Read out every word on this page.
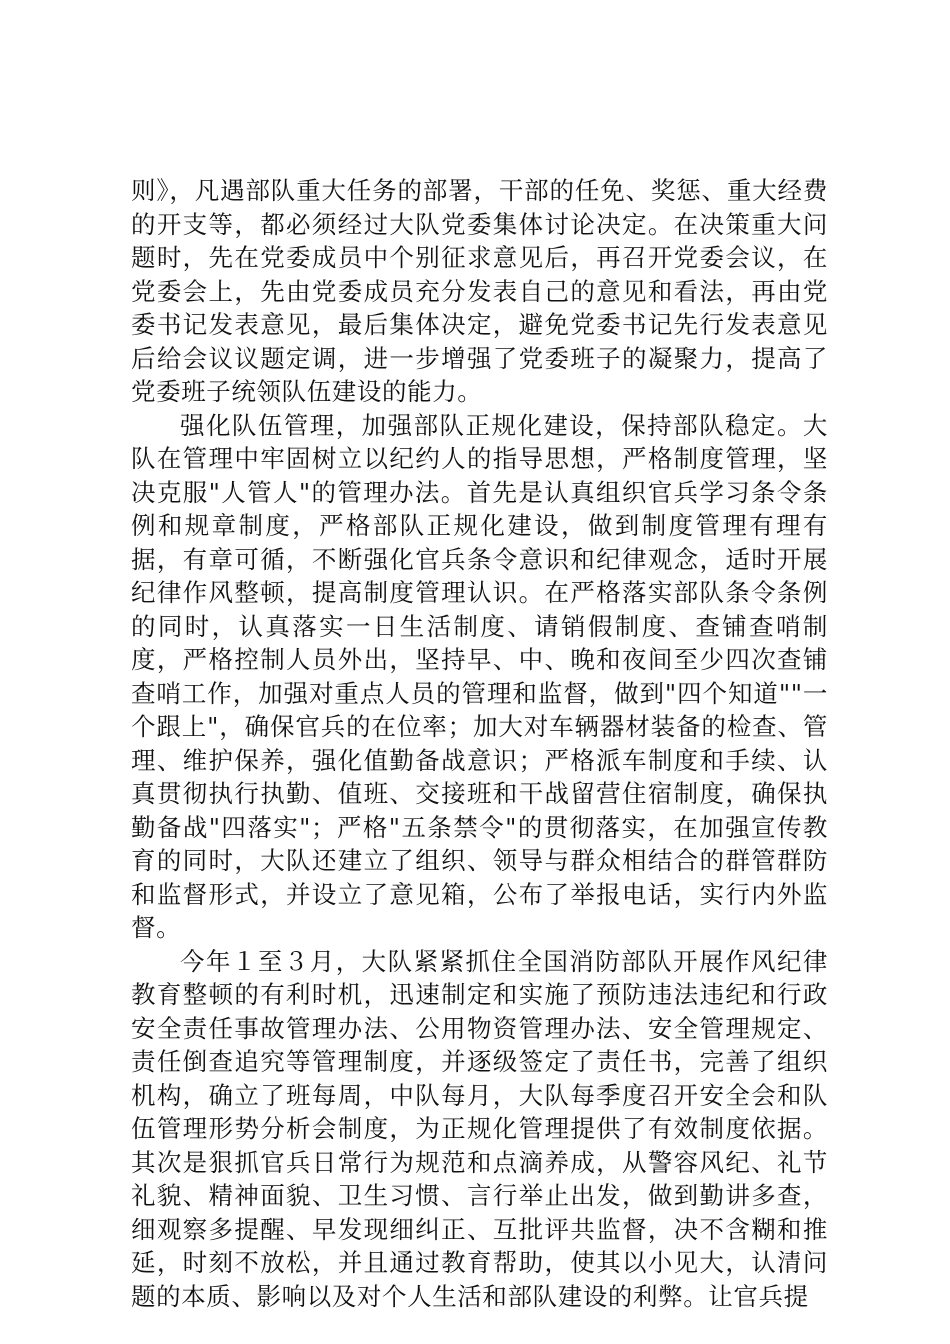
则》，凡遇部队重大任务的部署，干部的任免、奖惩、重大经费的开支等，都必须经过大队党委集体讨论决定。在决策重大问题时，先在党委成员中个别征求意见后，再召开党委会议，在党委会上，先由党委成员充分发表自己的意见和看法，再由党委书记发表意见，最后集体决定，避免党委书记先行发表意见后给会议议题定调，进一步增强了党委班子的凝聚力，提高了党委班子统领队伍建设的能力。

强化队伍管理，加强部队正规化建设，保持部队稳定。大队在管理中牢固树立以纪约人的指导思想，严格制度管理，坚决克服"人管人"的管理办法。首先是认真组织官兵学习条令条例和规章制度，严格部队正规化建设，做到制度管理有理有据，有章可循，不断强化官兵条令意识和纪律观念，适时开展纪律作风整顿，提高制度管理认识。在严格落实部队条令条例的同时，认真落实一日生活制度、请销假制度、查铺查哨制度，严格控制人员外出，坚持早、中、晚和夜间至少四次查铺查哨工作，加强对重点人员的管理和监督，做到"四个知道""一个跟上"，确保官兵的在位率；加大对车辆器材装备的检查、管理、维护保养，强化值勤备战意识；严格派车制度和手续、认真贯彻执行执勤、值班、交接班和干战留营住宿制度，确保执勤备战"四落实"；严格"五条禁令"的贯彻落实，在加强宣传教育的同时，大队还建立了组织、领导与群众相结合的群管群防和监督形式，并设立了意见箱，公布了举报电话，实行内外监督。

今年１至３月，大队紧紧抓住全国消防部队开展作风纪律教育整顿的有利时机，迅速制定和实施了预防违法违纪和行政安全责任事故管理办法、公用物资管理办法、安全管理规定、责任倒查追究等管理制度，并逐级签定了责任书，完善了组织机构，确立了班每周，中队每月，大队每季度召开安全会和队伍管理形势分析会制度，为正规化管理提供了有效制度依据。其次是狠抓官兵日常行为规范和点滴养成，从警容风纪、礼节礼貌、精神面貌、卫生习惯、言行举止出发，做到勤讲多查，细观察多提醒、早发现细纠正、互批评共监督，决不含糊和推延，时刻不放松，并且通过教育帮助，使其以小见大，认清问题的本质、影响以及对个人生活和部队建设的利弊。让官兵提
